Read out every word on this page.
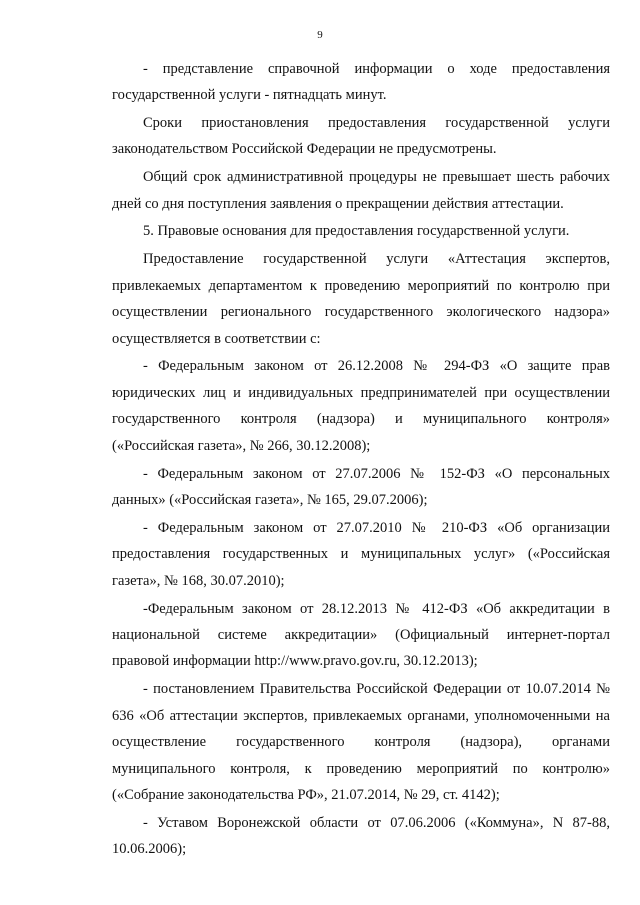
9

- представление справочной информации о ходе предоставления государственной услуги - пятнадцать минут.

Сроки приостановления предоставления государственной услуги законодательством Российской Федерации не предусмотрены.

Общий срок административной процедуры не превышает шесть рабочих дней со дня поступления заявления о прекращении действия аттестации.

5. Правовые основания для предоставления государственной услуги.

Предоставление государственной услуги «Аттестация экспертов, привлекаемых департаментом к проведению мероприятий по контролю при осуществлении регионального государственного экологического надзора» осуществляется в соответствии с:

- Федеральным законом от 26.12.2008 № 294-ФЗ «О защите прав юридических лиц и индивидуальных предпринимателей при осуществлении государственного контроля (надзора) и муниципального контроля» («Российская газета», № 266, 30.12.2008);

- Федеральным законом от 27.07.2006 № 152-ФЗ «О персональных данных» («Российская газета», № 165, 29.07.2006);

- Федеральным законом от 27.07.2010 № 210-ФЗ «Об организации предоставления государственных и муниципальных услуг» («Российская газета», № 168, 30.07.2010);

-Федеральным законом от 28.12.2013 № 412-ФЗ «Об аккредитации в национальной системе аккредитации» (Официальный интернет-портал правовой информации http://www.pravo.gov.ru, 30.12.2013);

- постановлением Правительства Российской Федерации от 10.07.2014 № 636 «Об аттестации экспертов, привлекаемых органами, уполномоченными на осуществление государственного контроля (надзора), органами муниципального контроля, к проведению мероприятий по контролю» («Собрание законодательства РФ», 21.07.2014, № 29, ст. 4142);

- Уставом Воронежской области от 07.06.2006 («Коммуна», N 87-88, 10.06.2006);
